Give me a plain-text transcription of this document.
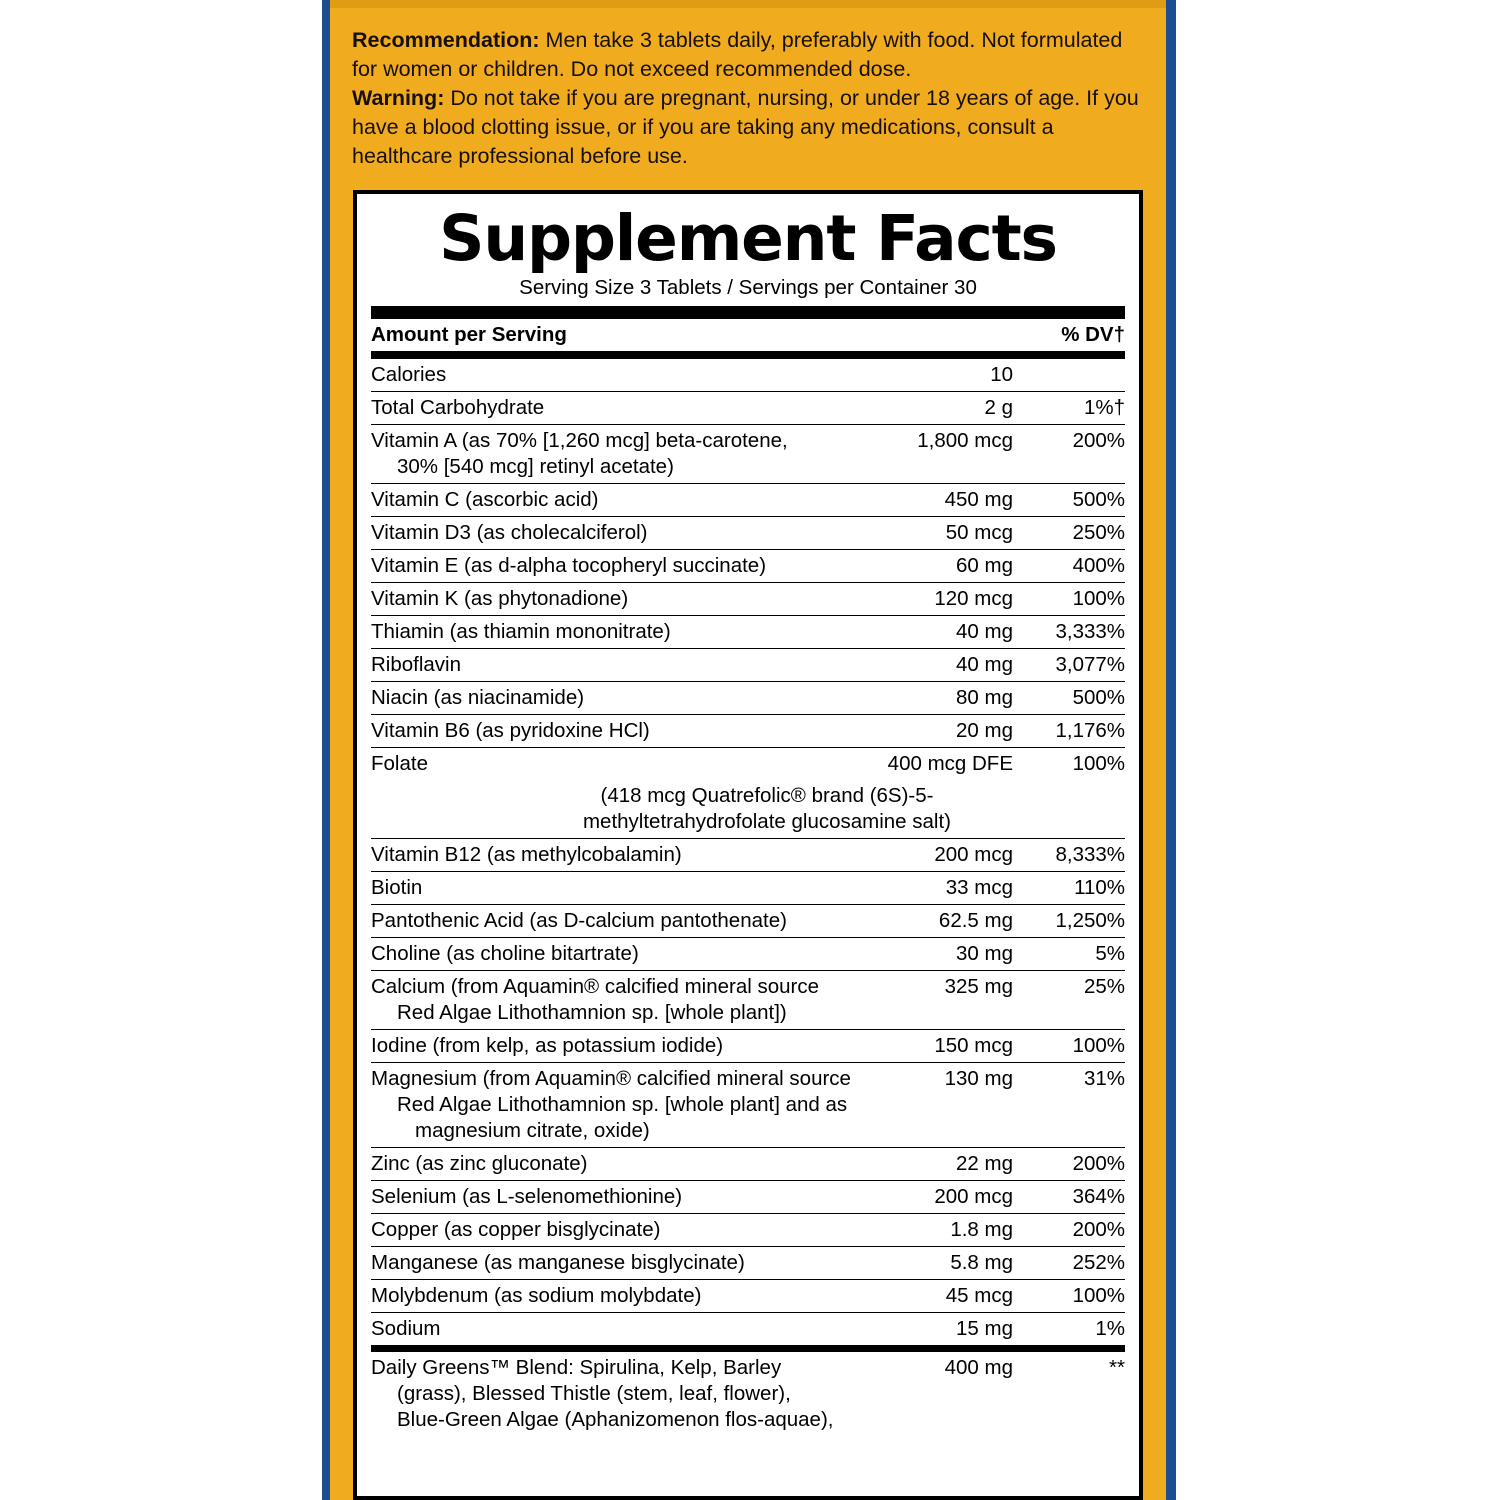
Recommendation: Men take 3 tablets daily, preferably with food. Not formulated for women or children. Do not exceed recommended dose.

Warning: Do not take if you are pregnant, nursing, or under 18 years of age. If you have a blood clotting issue, or if you are taking any medications, consult a healthcare professional before use.

Supplement Facts
Serving Size 3 Tablets / Servings per Container 30
Amount per Serving		% DV†
Calories	10	
Total Carbohydrate	2 g	1%†
Vitamin A (as 70% [1,260 mcg] beta-carotene,
30% [540 mcg] retinyl acetate)	1,800 mcg	200%
Vitamin C (ascorbic acid)	450 mg	500%
Vitamin D3 (as cholecalciferol)	50 mcg	250%
Vitamin E (as d-alpha tocopheryl succinate)	60 mg	400%
Vitamin K (as phytonadione)	120 mcg	100%
Thiamin (as thiamin mononitrate)	40 mg	3,333%
Riboflavin	40 mg	3,077%
Niacin (as niacinamide)	80 mg	500%
Vitamin B6 (as pyridoxine HCl)	20 mg	1,176%
Folate	400 mcg DFE	100%

(418 mcg Quatrefolic® brand (6S)-5-
methyltetrahydrofolate glucosamine salt)		

Vitamin B12 (as methylcobalamin)	200 mcg	8,333%
Biotin	33 mcg	110%
Pantothenic Acid (as D-calcium pantothenate)	62.5 mg	1,250%
Choline (as choline bitartrate)	30 mg	5%
Calcium (from Aquamin® calcified mineral source
Red Algae Lithothamnion sp. [whole plant])	325 mg	25%
Iodine (from kelp, as potassium iodide)	150 mcg	100%
Magnesium (from Aquamin® calcified mineral source
Red Algae Lithothamnion sp. [whole plant] and as
magnesium citrate, oxide)	130 mg	31%
Zinc (as zinc gluconate)	22 mg	200%
Selenium (as L-selenomethionine)	200 mcg	364%
Copper (as copper bisglycinate)	1.8 mg	200%
Manganese (as manganese bisglycinate)	5.8 mg	252%
Molybdenum (as sodium molybdate)	45 mcg	100%
Sodium	15 mg	1%
Daily Greens™ Blend: Spirulina, Kelp, Barley
(grass), Blessed Thistle (stem, leaf, flower),
Blue-Green Algae (Aphanizomenon flos-aquae),
	400 mg	**
